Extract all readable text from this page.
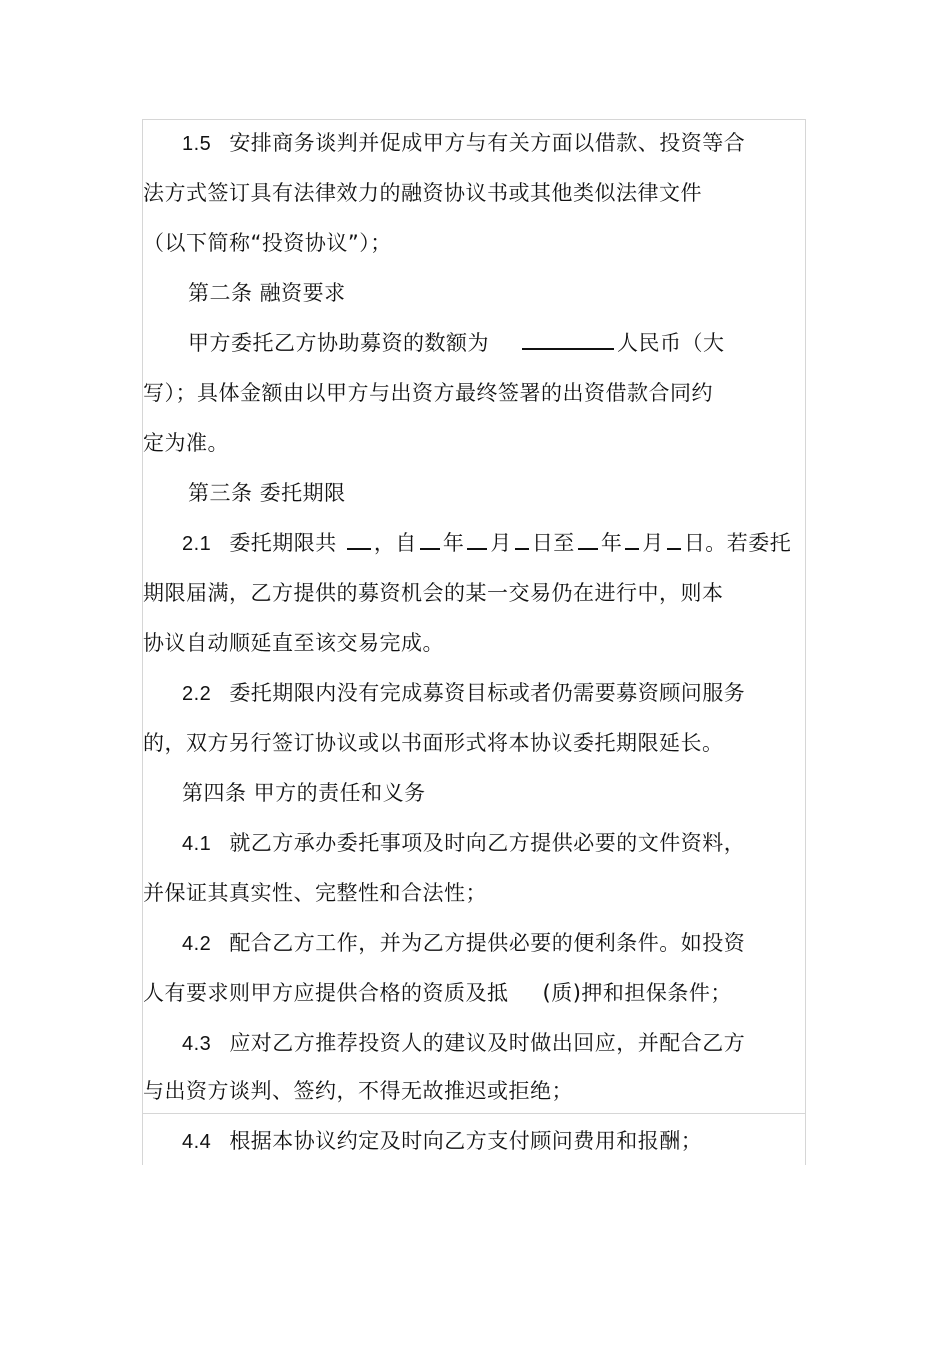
1.5 安排商务谈判并促成甲方与有关方面以借款、投资等合
法方式签订具有法律效力的融资协议书或其他类似法律文件
（以下简称“投资协议”）；
第二条 融资要求
甲方委托乙方协助募资的数额为	人民币（大
写）；具体金额由以甲方与出资方最终签署的出资借款合同约
定为准。
第三条 委托期限
2.1 委托期限共 ，自 年 月 日至 年 月 日。若委托
期限届满，乙方提供的募资机会的某一交易仍在进行中，则本
协议自动顺延直至该交易完成。
2.2 委托期限内没有完成募资目标或者仍需要募资顾问服务
的，双方另行签订协议或以书面形式将本协议委托期限延长。
第四条 甲方的责任和义务
4.1 就乙方承办委托事项及时向乙方提供必要的文件资料，
并保证其真实性、完整性和合法性；
4.2 配合乙方工作，并为乙方提供必要的便利条件。如投资
人有要求则甲方应提供合格的资质及抵 (质)押和担保条件；
4.3 应对乙方推荐投资人的建议及时做出回应，并配合乙方
与出资方谈判、签约，不得无故推迟或拒绝；
4.4 根据本协议约定及时向乙方支付顾问费用和报酬；
